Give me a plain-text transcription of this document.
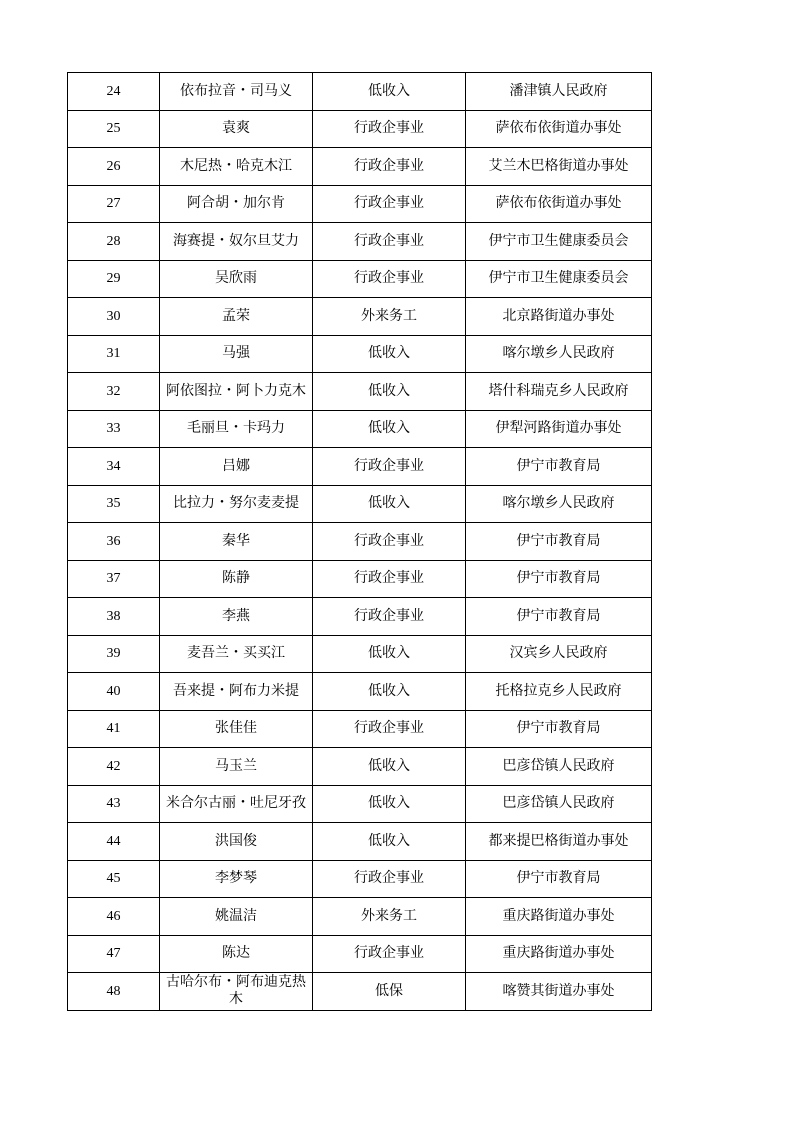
24	依布拉音・司马义	低收入	潘津镇人民政府
25	袁爽	行政企事业	萨依布依街道办事处
26	木尼热・哈克木江	行政企事业	艾兰木巴格街道办事处
27	阿合胡・加尔肯	行政企事业	萨依布依街道办事处
28	海赛提・奴尔旦艾力	行政企事业	伊宁市卫生健康委员会
29	吴欣雨	行政企事业	伊宁市卫生健康委员会
30	孟荣	外来务工	北京路街道办事处
31	马强	低收入	喀尔墩乡人民政府
32	阿依图拉・阿卜力克木	低收入	塔什科瑞克乡人民政府
33	毛丽旦・卡玛力	低收入	伊犁河路街道办事处
34	吕娜	行政企事业	伊宁市教育局
35	比拉力・努尔麦麦提	低收入	喀尔墩乡人民政府
36	秦华	行政企事业	伊宁市教育局
37	陈静	行政企事业	伊宁市教育局
38	李燕	行政企事业	伊宁市教育局
39	麦吾兰・买买江	低收入	汉宾乡人民政府
40	吾来提・阿布力米提	低收入	托格拉克乡人民政府
41	张佳佳	行政企事业	伊宁市教育局
42	马玉兰	低收入	巴彦岱镇人民政府
43	米合尔古丽・吐尼牙孜	低收入	巴彦岱镇人民政府
44	洪国俊	低收入	都来提巴格街道办事处
45	李梦琴	行政企事业	伊宁市教育局
46	姚温洁	外来务工	重庆路街道办事处
47	陈达	行政企事业	重庆路街道办事处
48	古哈尔布・阿布迪克热木	低保	喀赞其街道办事处
